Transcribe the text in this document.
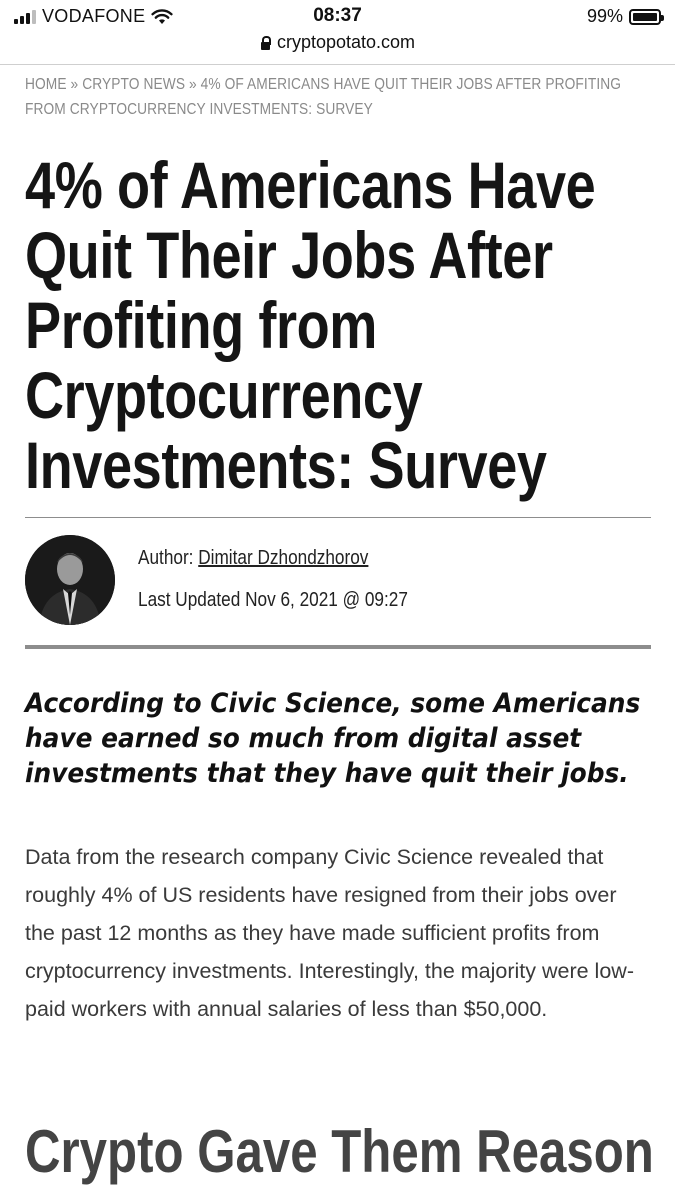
VODAFONE	08:37	99%
cryptopotato.com
HOME » CRYPTO NEWS » 4% OF AMERICANS HAVE QUIT THEIR JOBS AFTER PROFITING FROM CRYPTOCURRENCY INVESTMENTS: SURVEY
4% of Americans Have Quit Their Jobs After Profiting from Cryptocurrency Investments: Survey
Author: Dimitar Dzhondzhorov
Last Updated Nov 6, 2021 @ 09:27

According to Civic Science, some Americans have earned so much from digital asset investments that they have quit their jobs.

Data from the research company Civic Science revealed that roughly 4% of US residents have resigned from their jobs over the past 12 months as they have made sufficient profits from cryptocurrency investments. Interestingly, the majority were low-paid workers with annual salaries of less than $50,000.

Crypto Gave Them Reason
